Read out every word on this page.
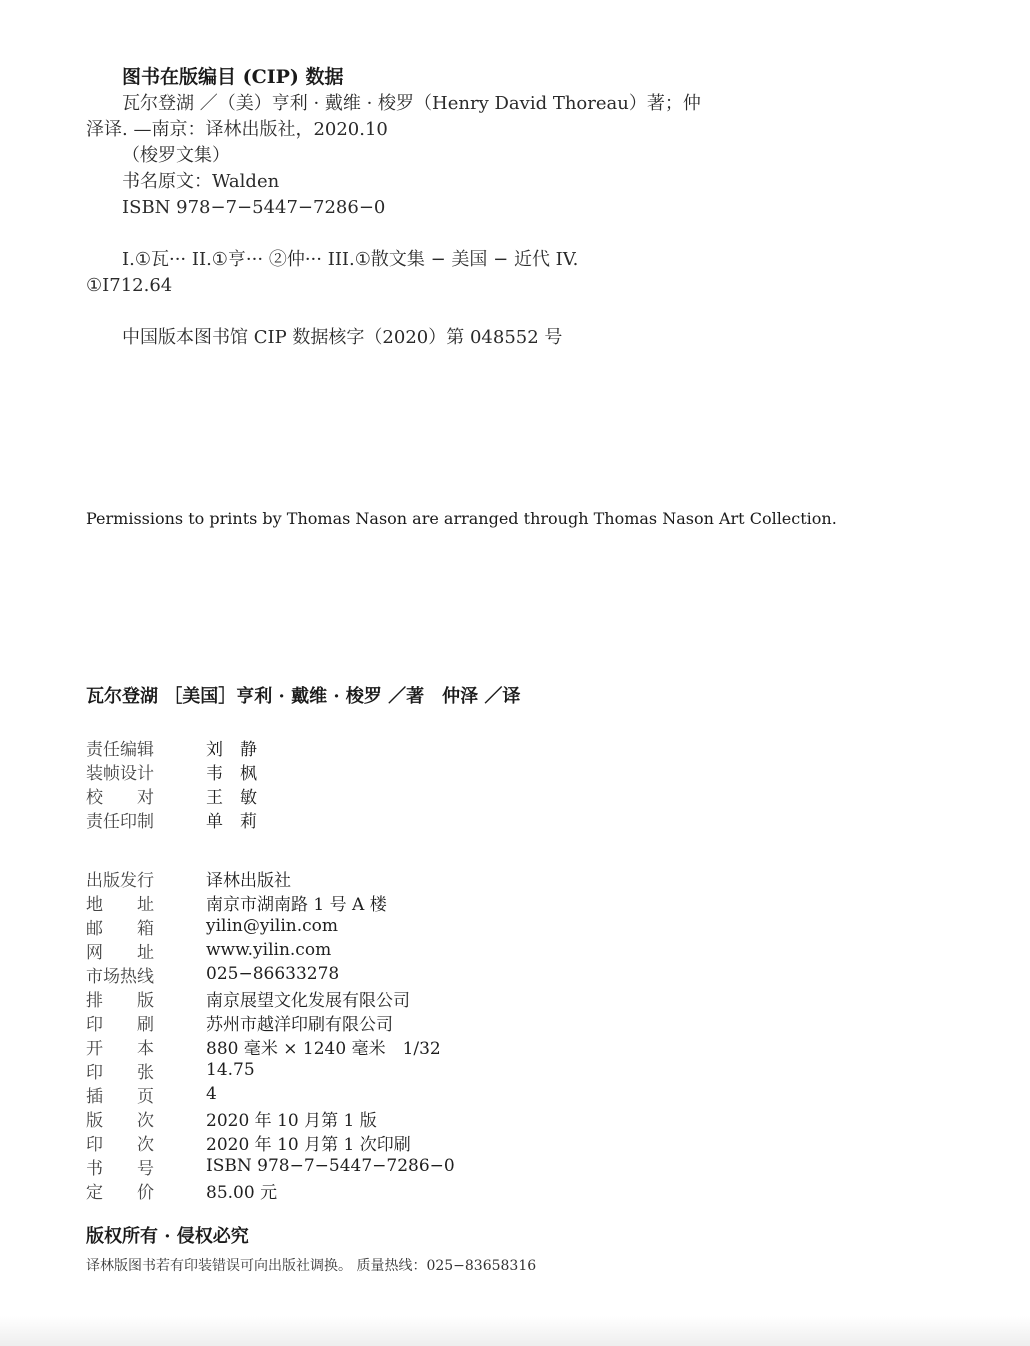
图书在版编目 (CIP) 数据
瓦尔登湖 ／（美）亨利 · 戴维 · 梭罗（Henry David Thoreau）著；仲
泽译. —南京：译林出版社，2020.10
（梭罗文集）
书名原文：Walden
ISBN 978−7−5447−7286−0
I.①瓦··· II.①亨··· ②仲··· III.①散文集 − 美国 − 近代 IV.
①I712.64
中国版本图书馆 CIP 数据核字（2020）第 048552 号
Permissions to prints by Thomas Nason are arranged through Thomas Nason Art Collection.
瓦尔登湖 ［美国］亨利 · 戴维 · 梭罗 ／著　仲泽 ／译
责任编辑	刘　静
装帧设计	韦　枫
校　　对	王　敏
责任印制	单　莉
出版发行	译林出版社
地　　址	南京市湖南路 1 号 A 楼
邮　　箱	yilin@yilin.com
网　　址	www.yilin.com
市场热线	025−86633278
排　　版	南京展望文化发展有限公司
印　　刷	苏州市越洋印刷有限公司
开　　本	880 毫米 × 1240 毫米　1/32
印　　张	14.75
插　　页	4
版　　次	2020 年 10 月第 1 版
印　　次	2020 年 10 月第 1 次印刷
书　　号	ISBN 978−7−5447−7286−0
定　　价	85.00 元
版权所有 · 侵权必究
译林版图书若有印装错误可向出版社调换。 质量热线：025−83658316
